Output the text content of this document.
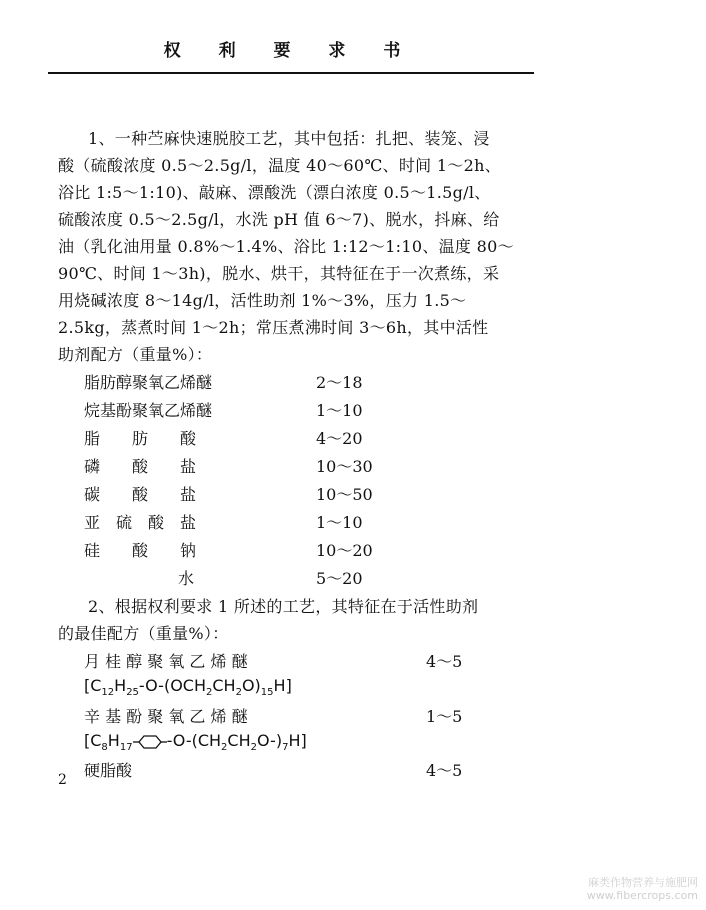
权 利 要 求 书
1、一种苎麻快速脱胶工艺，其中包括：扎把、装笼、浸
酸（硫酸浓度 0.5～2.5g/l，温度 40～60℃、时间 1～2h、
浴比 1:5～1:10)、敲麻、漂酸洗（漂白浓度 0.5～1.5g/l、
硫酸浓度 0.5～2.5g/l，水洗 pH 值 6～7)、脱水，抖麻、给
油（乳化油用量 0.8%～1.4%、浴比 1:12～1:10、温度 80～
90℃、时间 1～3h)，脱水、烘干，其特征在于一次煮练，采
用烧碱浓度 8～14g/l，活性助剂 1%～3%，压力 1.5～
2.5kg，蒸煮时间 1～2h；常压煮沸时间 3～6h，其中活性
助剂配方（重量%）：
脂肪醇聚氧乙烯醚	2～18
烷基酚聚氧乙烯醚	1～10
脂　　肪　　酸	4～20
磷　　酸　　盐	10～30
碳　　酸　　盐	10～50
亚　硫　酸　盐	1～10
硅　　酸　　钠	10～20
水	5～20
2、根据权利要求 1 所述的工艺，其特征在于活性助剂
的最佳配方（重量%）：
月 桂 醇 聚 氧 乙 烯 醚	4～5
$[C_{12}H_{25}-O-(OCH_2CH_2O)_{15}H]$
辛 基 酚 聚 氧 乙 烯 醚	1～5
[$C_8H_{17}$ $-O-(CH_2CH_2O-)_7H$]
硬脂酸	4～5
2
麻类作物营养与施肥网
www.fibercrops.com
